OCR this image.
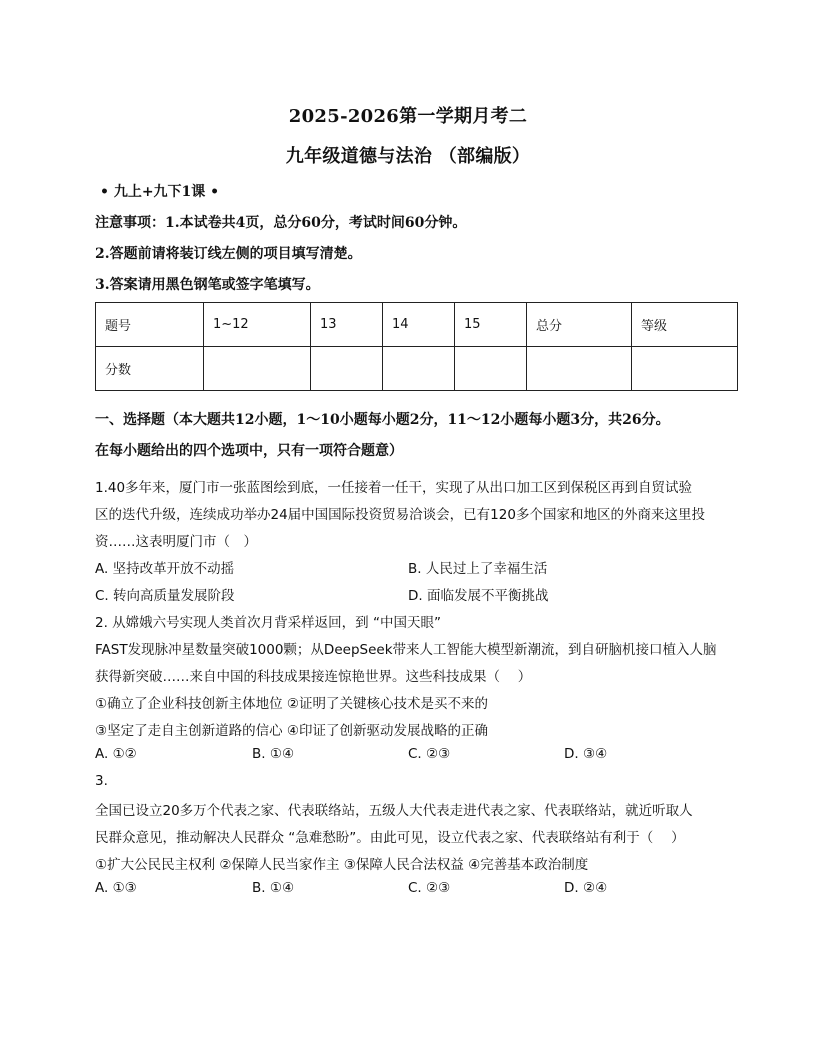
2025-2026第一学期月考二
九年级道德与法治 （部编版）
• 九上+九下1课 •
注意事项：1.本试卷共4页，总分60分，考试时间60分钟。
2.答题前请将装订线左侧的项目填写清楚。
3.答案请用黑色钢笔或签字笔填写。
题号	1~12	13	14	15	总分	等级
分数						
一、选择题（本大题共12小题，1～10小题每小题2分，11～12小题每小题3分，共26分。
在每小题给出的四个选项中，只有一项符合题意）
1.40多年来，厦门市一张蓝图绘到底，一任接着一任干，实现了从出口加工区到保税区再到自贸试验
区的迭代升级，连续成功举办24届中国国际投资贸易洽谈会，已有120多个国家和地区的外商来这里投
资……这表明厦门市（　）
A. 坚持改革开放不动摇	B. 人民过上了幸福生活
C. 转向高质量发展阶段	D. 面临发展不平衡挑战
2. 从嫦娥六号实现人类首次月背采样返回，到 “中国天眼”
FAST发现脉冲星数量突破1000颗；从DeepSeek带来人工智能大模型新潮流，到自研脑机接口植入人脑
获得新突破……来自中国的科技成果接连惊艳世界。这些科技成果（　 ）
①确立了企业科技创新主体地位 ②证明了关键核心技术是买不来的
③坚定了走自主创新道路的信心 ④印证了创新驱动发展战略的正确
A. ①②	B. ①④	C. ②③	D. ③④
3.
全国已设立20多万个代表之家、代表联络站，五级人大代表走进代表之家、代表联络站，就近听取人
民群众意见，推动解决人民群众 “急难愁盼”。由此可见，设立代表之家、代表联络站有利于（　 ）
①扩大公民民主权利 ②保障人民当家作主 ③保障人民合法权益 ④完善基本政治制度
A. ①③	B. ①④	C. ②③	D. ②④
